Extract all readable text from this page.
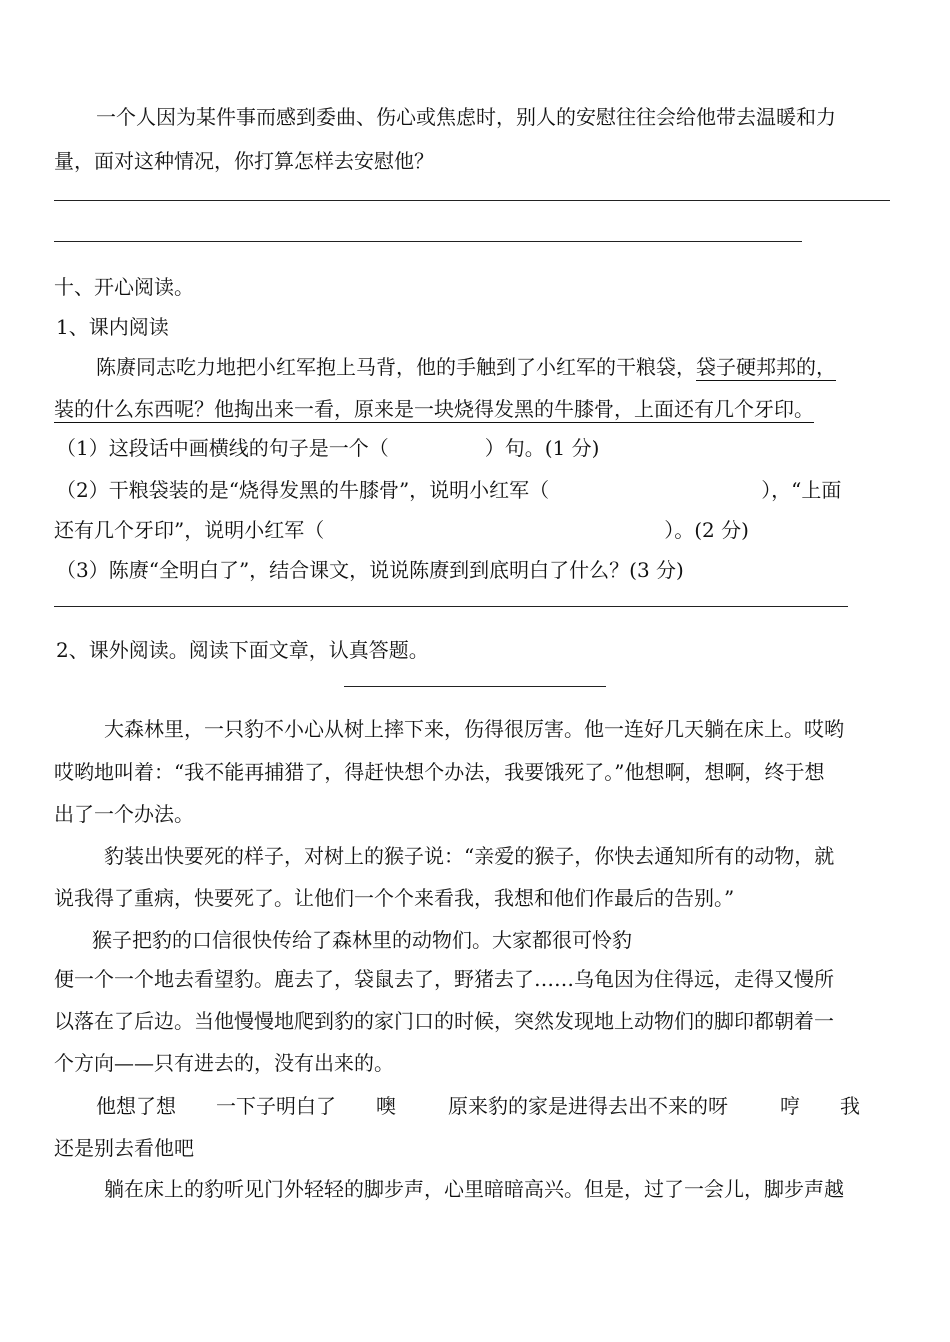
一个人因为某件事而感到委曲、伤心或焦虑时，别人的安慰往往会给他带去温暖和力
量，面对这种情况，你打算怎样去安慰他？
十、开心阅读。
1、课内阅读
陈赓同志吃力地把小红军抱上马背，他的手触到了小红军的干粮袋，袋子硬邦邦的，
装的什么东西呢？他掏出来一看，原来是一块烧得发黑的牛膝骨，上面还有几个牙印。
（1）这段话中画横线的句子是一个（	）句。(1 分)
（2）干粮袋装的是“烧得发黑的牛膝骨”，说明小红军（	），“上面
还有几个牙印”，说明小红军（	）。(2 分)
（3）陈赓“全明白了”，结合课文，说说陈赓到到底明白了什么？(3 分)
2、课外阅读。阅读下面文章，认真答题。
大森林里，一只豹不小心从树上摔下来，伤得很厉害。他一连好几天躺在床上。哎哟
哎哟地叫着：“我不能再捕猎了，得赶快想个办法，我要饿死了。”他想啊，想啊，终于想
出了一个办法。
豹装出快要死的样子，对树上的猴子说：“亲爱的猴子，你快去通知所有的动物，就
说我得了重病，快要死了。让他们一个个来看我，我想和他们作最后的告别。”
猴子把豹的口信很快传给了森林里的动物们。大家都很可怜豹
便一个一个地去看望豹。鹿去了，袋鼠去了，野猪去了……乌龟因为住得远，走得又慢所
以落在了后边。当他慢慢地爬到豹的家门口的时候，突然发现地上动物们的脚印都朝着一
个方向——只有进去的，没有出来的。
他想了想 一下子明白了 噢	原来豹的家是进得去出不来的呀	哼 我
还是别去看他吧
躺在床上的豹听见门外轻轻的脚步声，心里暗暗高兴。但是，过了一会儿，脚步声越
